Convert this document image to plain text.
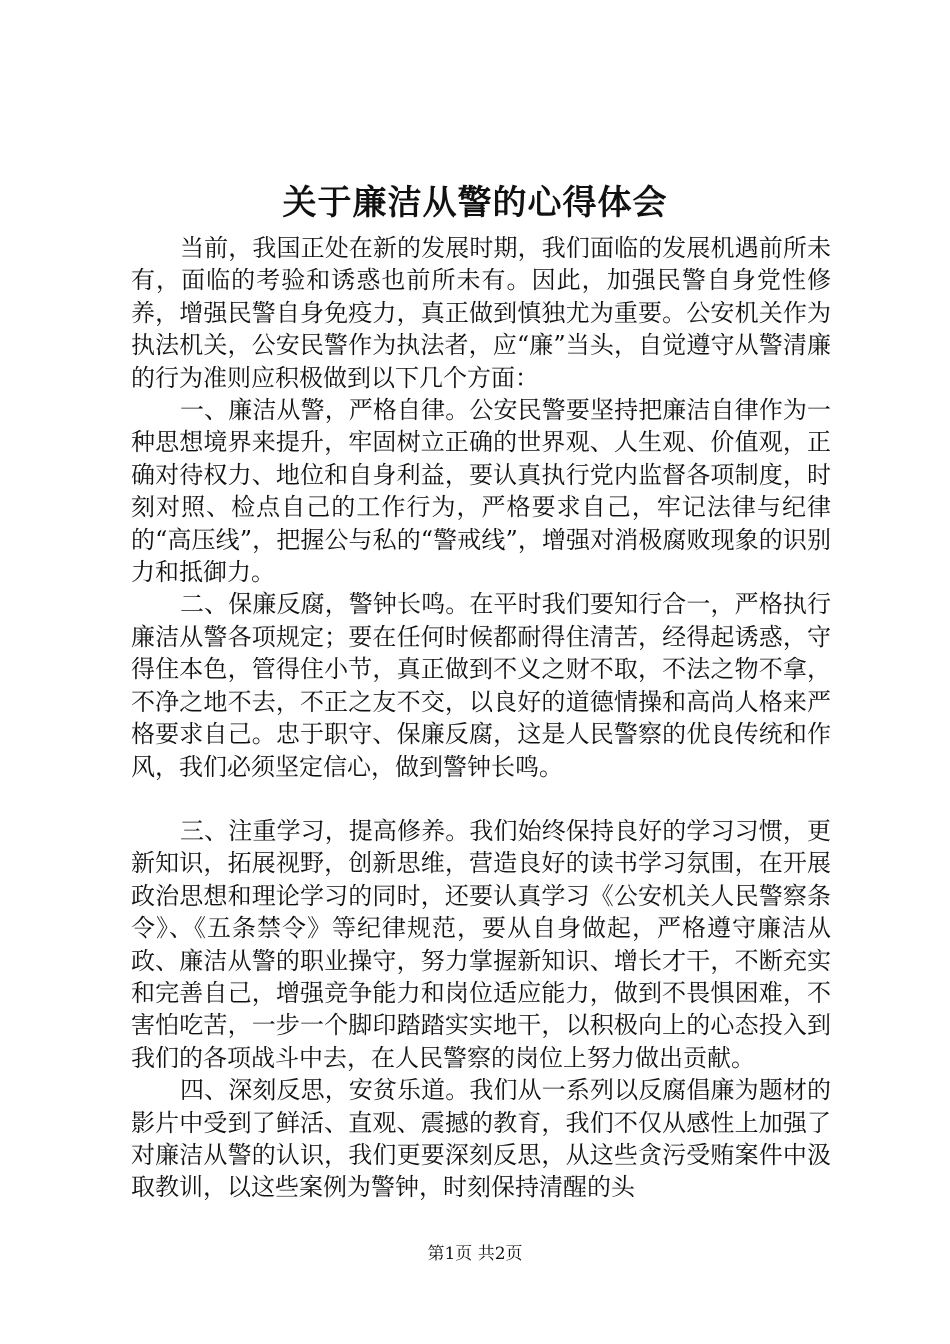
关于廉洁从警的心得体会

当前，我国正处在新的发展时期，我们面临的发展机遇前所未有，面临的考验和诱惑也前所未有。因此，加强民警自身党性修养，增强民警自身免疫力，真正做到慎独尤为重要。公安机关作为执法机关，公安民警作为执法者，应“廉”当头，自觉遵守从警清廉的行为准则应积极做到以下几个方面：

一、廉洁从警，严格自律。公安民警要坚持把廉洁自律作为一种思想境界来提升，牢固树立正确的世界观、人生观、价值观，正确对待权力、地位和自身利益，要认真执行党内监督各项制度，时刻对照、检点自己的工作行为，严格要求自己，牢记法律与纪律的“高压线”，把握公与私的“警戒线”，增强对消极腐败现象的识别力和抵御力。

二、保廉反腐，警钟长鸣。在平时我们要知行合一，严格执行廉洁从警各项规定；要在任何时候都耐得住清苦，经得起诱惑，守得住本色，管得住小节，真正做到不义之财不取，不法之物不拿，不净之地不去，不正之友不交，以良好的道德情操和高尚人格来严格要求自己。忠于职守、保廉反腐，这是人民警察的优良传统和作风，我们必须坚定信心，做到警钟长鸣。

三、注重学习，提高修养。我们始终保持良好的学习习惯，更新知识，拓展视野，创新思维，营造良好的读书学习氛围，在开展政治思想和理论学习的同时，还要认真学习《公安机关人民警察条令》、《五条禁令》等纪律规范，要从自身做起，严格遵守廉洁从政、廉洁从警的职业操守，努力掌握新知识、增长才干，不断充实和完善自己，增强竞争能力和岗位适应能力，做到不畏惧困难，不害怕吃苦，一步一个脚印踏踏实实地干，以积极向上的心态投入到我们的各项战斗中去，在人民警察的岗位上努力做出贡献。

四、深刻反思，安贫乐道。我们从一系列以反腐倡廉为题材的影片中受到了鲜活、直观、震撼的教育，我们不仅从感性上加强了对廉洁从警的认识，我们更要深刻反思，从这些贪污受贿案件中汲取教训，以这些案例为警钟，时刻保持清醒的头

第1页 共2页
